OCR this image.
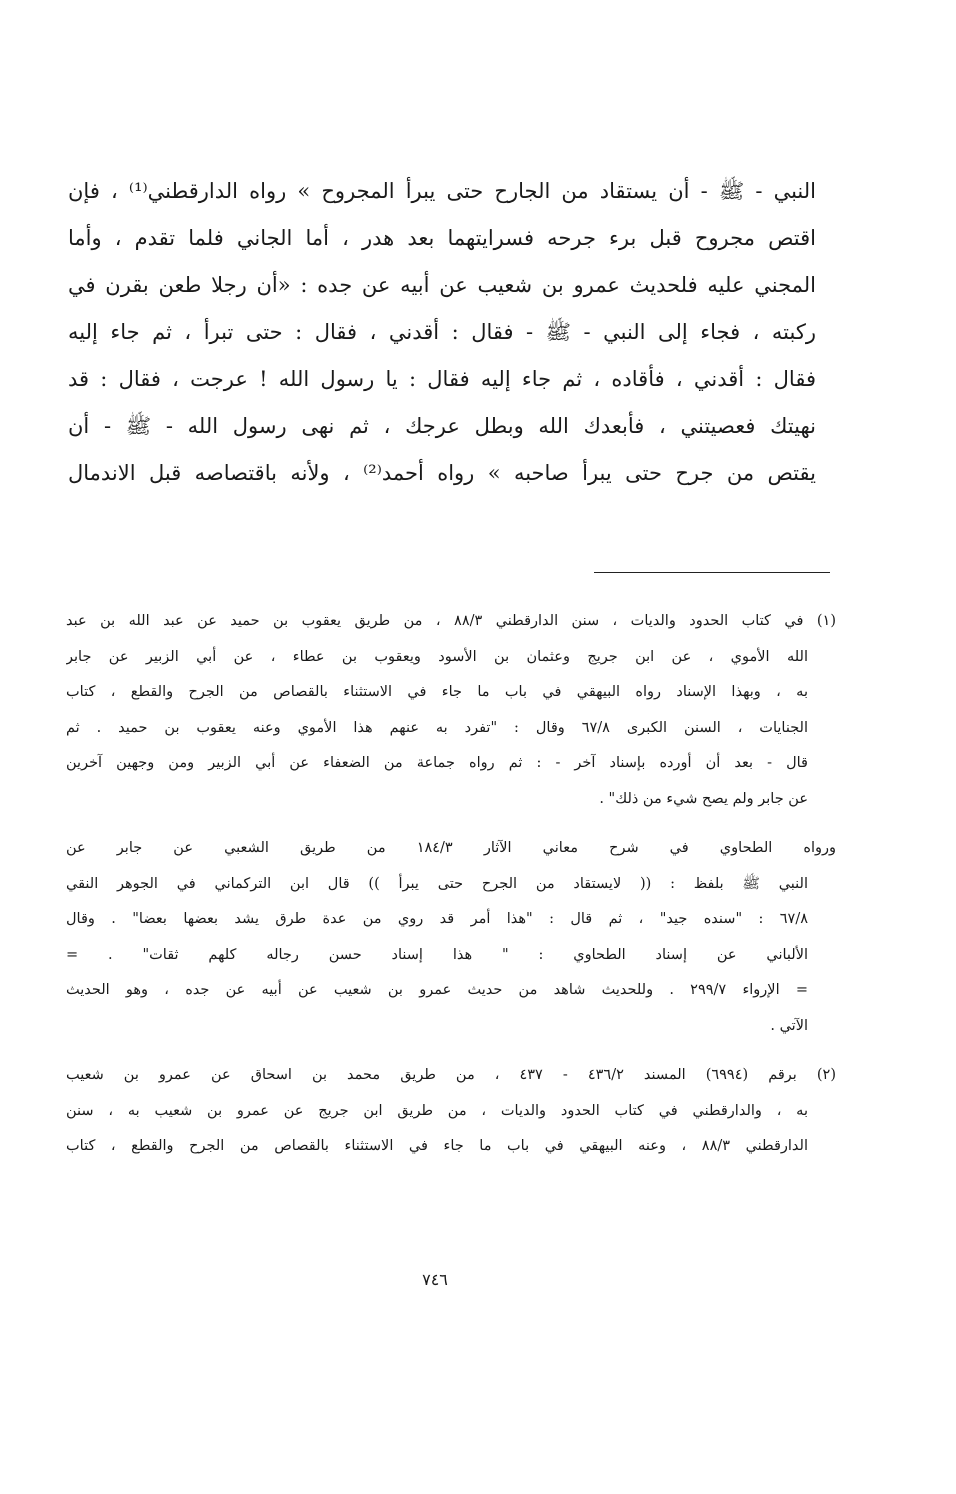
النبي - ﷺ - أن يستقاد من الجارح حتى يبرأ المجروح » رواه الدارقطني⁽¹⁾ ، فإن
اقتص مجروح قبل برء جرحه فسرايتهما بعد هدر ، أما الجاني فلما تقدم ، وأما
المجني عليه فلحديث عمرو بن شعيب عن أبيه عن جده : «أن رجلا طعن بقرن في
ركبته ، فجاء إلى النبي - ﷺ - فقال : أقدني ، فقال : حتى تبرأ ، ثم جاء إليه
فقال : أقدني ، فأقاده ، ثم جاء إليه فقال : يا رسول الله ! عرجت ، فقال : قد
نهيتك فعصيتني ، فأبعدك الله وبطل عرجك ، ثم نهى رسول الله - ﷺ - أن
يقتص من جرح حتى يبرأ صاحبه » رواه أحمد⁽²⁾ ، ولأنه باقتصاصه قبل الاندمال
(١) في كتاب الحدود والديات ، سنن الدارقطني ٨٨/٣ ، من طريق يعقوب بن حميد عن عبد الله بن عبد
الله الأموي ، عن ابن جريج وعثمان بن الأسود ويعقوب بن عطاء ، عن أبي الزبير عن جابر
به ، وبهذا الإسناد رواه البيهقي في باب ما جاء في الاستثناء بالقصاص من الجرح والقطع ، كتاب
الجنايات ، السنن الكبرى ٦٧/٨ وقال : "تفرد به عنهم هذا الأموي وعنه يعقوب بن حميد . ثم
قال - بعد أن أورده بإسناد آخر - : ثم رواه جماعة من الضعفاء عن أبي الزبير ومن وجهين آخرين
عن جابر ولم يصح شيء من ذلك" .
ورواه الطحاوي في شرح معاني الآثار ١٨٤/٣ من طريق الشعبي عن جابر عن
النبي ﷺ بلفظ : (( لايستقاد من الجرح حتى يبرأ )) قال ابن التركماني في الجوهر النقي
٦٧/٨ : "سنده جيد" ، ثم قال : "هذا أمر قد روي من عدة طرق يشد بعضها بعضا" . وقال
الألباني عن إسناد الطحاوي : " هذا إسناد حسن رجاله كلهم ثقات" . =
= الإرواء ٢٩٩/٧ . وللحديث شاهد من حديث عمرو بن شعيب عن أبيه عن جده ، وهو الحديث
الآتي .
(٢) برقم (٦٩٩٤) المسند ٤٣٦/٢ - ٤٣٧ ، من طريق محمد بن اسحاق عن عمرو بن شعيب
به ، والدارقطني في كتاب الحدود والديات ، من طريق ابن جريج عن عمرو بن شعيب به ، سنن
الدارقطني ٨٨/٣ ، وعنه البيهقي في باب ما جاء في الاستثناء بالقصاص من الجرح والقطع ، كتاب
٧٤٦
